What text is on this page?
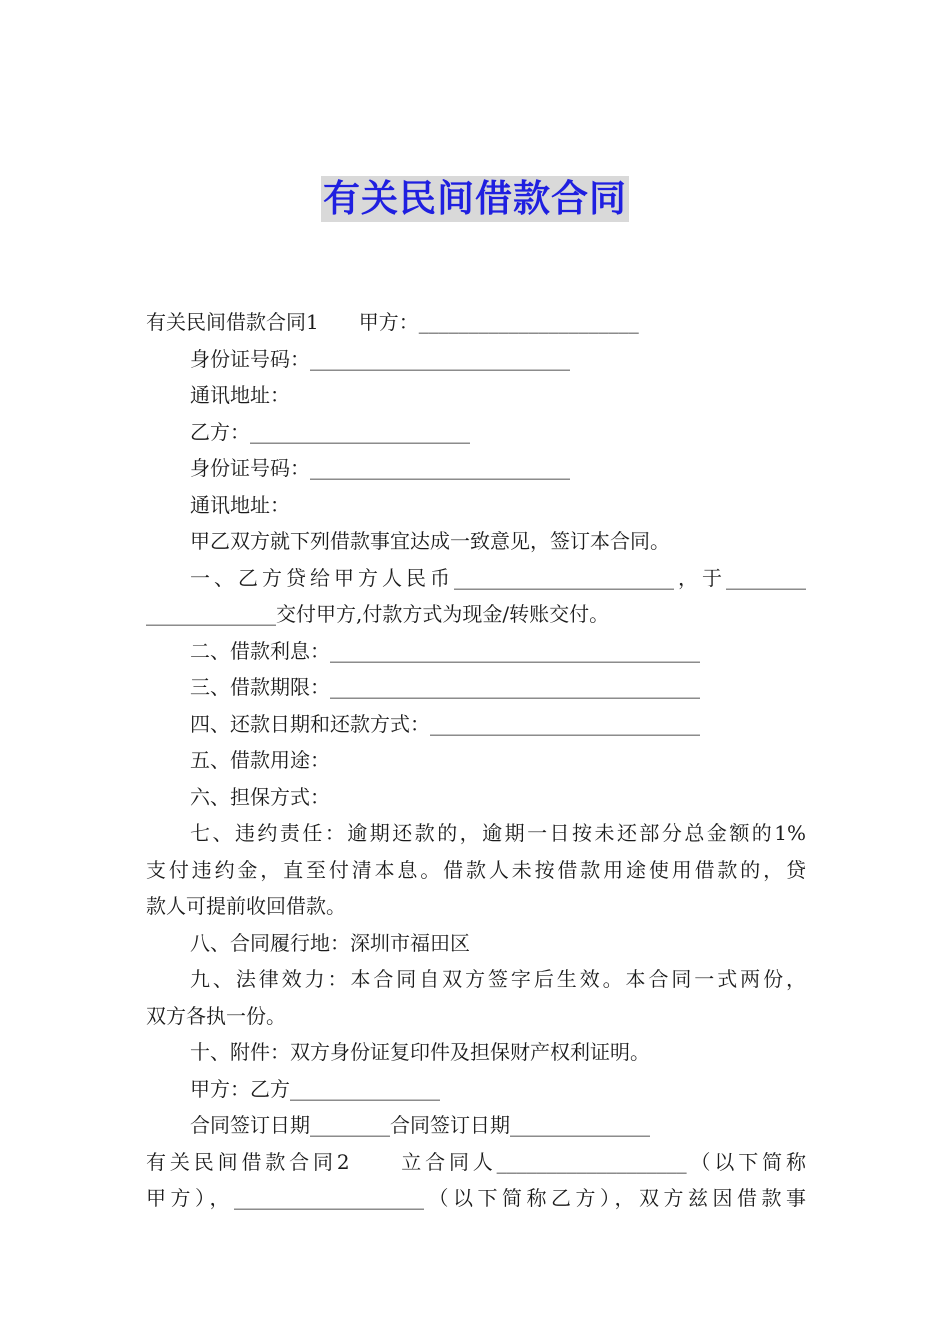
有关民间借款合同
有关民间借款合同1　　甲方：______________________
身份证号码：__________________________
通讯地址：
乙方：______________________
身份证号码：__________________________
通讯地址：
甲乙双方就下列借款事宜达成一致意见，签订本合同。
一、乙方贷给甲方人民币______________________，于________
_____________交付甲方,付款方式为现金/转账交付。
二、借款利息：_____________________________________
三、借款期限：_____________________________________
四、还款日期和还款方式：___________________________
五、借款用途：
六、担保方式：
七、违约责任：逾期还款的，逾期一日按未还部分总金额的1%
支付违约金，直至付清本息。借款人未按借款用途使用借款的，贷
款人可提前收回借款。
八、合同履行地：深圳市福田区
九、法律效力：本合同自双方签字后生效。本合同一式两份，
双方各执一份。
十、附件：双方身份证复印件及担保财产权利证明。
甲方：乙方_______________
合同签订日期________合同签订日期______________
有关民间借款合同2　　立合同人___________________（以下简称
甲方），___________________（以下简称乙方），双方兹因借款事
